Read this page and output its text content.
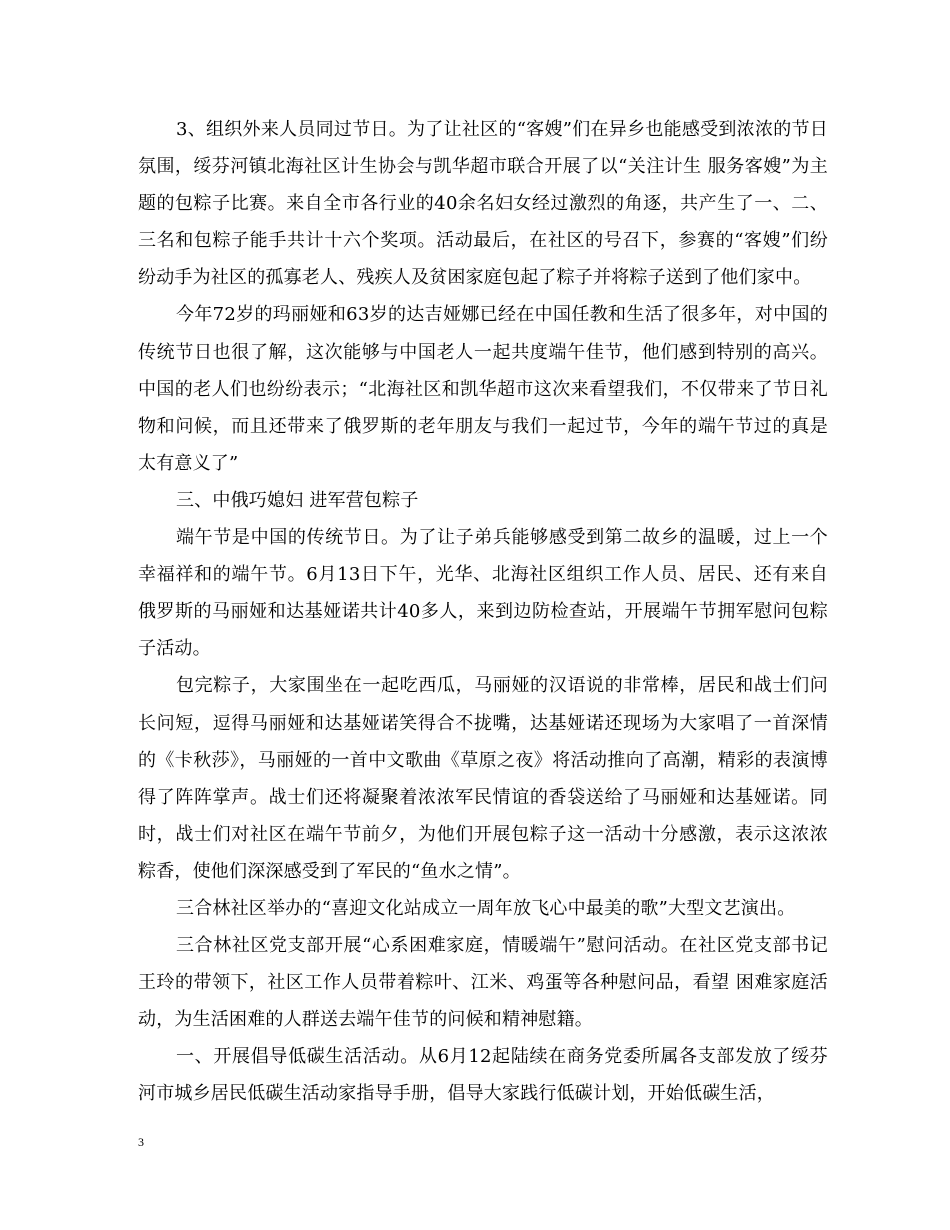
3、组织外来人员同过节日。为了让社区的“客嫂”们在异乡也能感受到浓浓的节日氛围，绥芬河镇北海社区计生协会与凯华超市联合开展了以“关注计生 服务客嫂”为主题的包粽子比赛。来自全市各行业的40余名妇女经过激烈的角逐，共产生了一、二、三名和包粽子能手共计十六个奖项。活动最后，在社区的号召下，参赛的“客嫂”们纷纷动手为社区的孤寡老人、残疾人及贫困家庭包起了粽子并将粽子送到了他们家中。

今年72岁的玛丽娅和63岁的达吉娅娜已经在中国任教和生活了很多年，对中国的传统节日也很了解，这次能够与中国老人一起共度端午佳节，他们感到特别的高兴。中国的老人们也纷纷表示；“北海社区和凯华超市这次来看望我们，不仅带来了节日礼物和问候，而且还带来了俄罗斯的老年朋友与我们一起过节，今年的端午节过的真是太有意义了”

三、中俄巧媳妇 进军营包粽子

端午节是中国的传统节日。为了让子弟兵能够感受到第二故乡的温暖，过上一个幸福祥和的端午节。6月13日下午，光华、北海社区组织工作人员、居民、还有来自俄罗斯的马丽娅和达基娅诺共计40多人，来到边防检查站，开展端午节拥军慰问包粽子活动。

包完粽子，大家围坐在一起吃西瓜，马丽娅的汉语说的非常棒，居民和战士们问长问短，逗得马丽娅和达基娅诺笑得合不拢嘴，达基娅诺还现场为大家唱了一首深情的《卡秋莎》，马丽娅的一首中文歌曲《草原之夜》将活动推向了高潮，精彩的表演博得了阵阵掌声。战士们还将凝聚着浓浓军民情谊的香袋送给了马丽娅和达基娅诺。同时，战士们对社区在端午节前夕，为他们开展包粽子这一活动十分感激，表示这浓浓粽香，使他们深深感受到了军民的“鱼水之情”。

三合林社区举办的“喜迎文化站成立一周年放飞心中最美的歌”大型文艺演出。

三合林社区党支部开展“心系困难家庭，情暖端午”慰问活动。在社区党支部书记王玲的带领下，社区工作人员带着粽叶、江米、鸡蛋等各种慰问品，看望 困难家庭活动，为生活困难的人群送去端午佳节的问候和精神慰籍。

一、开展倡导低碳生活活动。从6月12起陆续在商务党委所属各支部发放了绥芬河市城乡居民低碳生活动家指导手册，倡导大家践行低碳计划，开始低碳生活，

3
